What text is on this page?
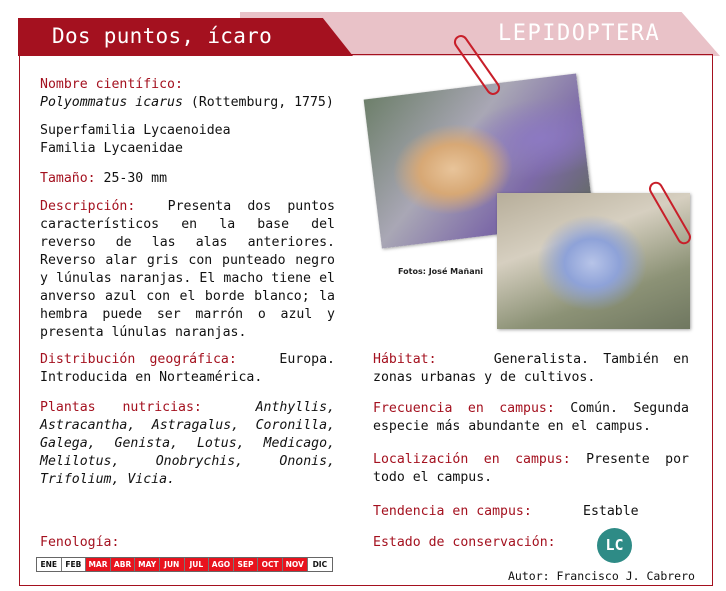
Dos puntos, ícaro	LEPIDOPTERA
Nombre científico:
Polyommatus icarus (Rottemburg, 1775)
Superfamilia Lycaenoidea
Familia Lycaenidae
Tamaño: 25-30 mm
Descripción: Presenta dos puntos característicos en la base del reverso de las alas anteriores. Reverso alar gris con punteado negro y lúnulas naranjas. El macho tiene el anverso azul con el borde blanco; la hembra puede ser marrón o azul y presenta lúnulas naranjas.
Fotos: José Mañani
Distribución geográfica:	Europa. Introducida en Norteamérica.
Plantas nutricias:	Anthyllis, Astracantha, Astragalus, Coronilla, Galega, Genista, Lotus, Medicago, Melilotus, Onobrychis, Ononis, Trifolium, Vicia.
Hábitat:	Generalista. También en zonas urbanas y de cultivos.
Frecuencia en campus: Común. Segunda especie más abundante en el campus.
Localización en campus: Presente por todo el campus.
Tendencia en campus:	Estable
Estado de conservación:	LC
Fenología:
ENE	FEB MAR ABR MAY	JUN	JUL	AGO SEP	OCT NOV	DIC
Autor: Francisco J. Cabrero
